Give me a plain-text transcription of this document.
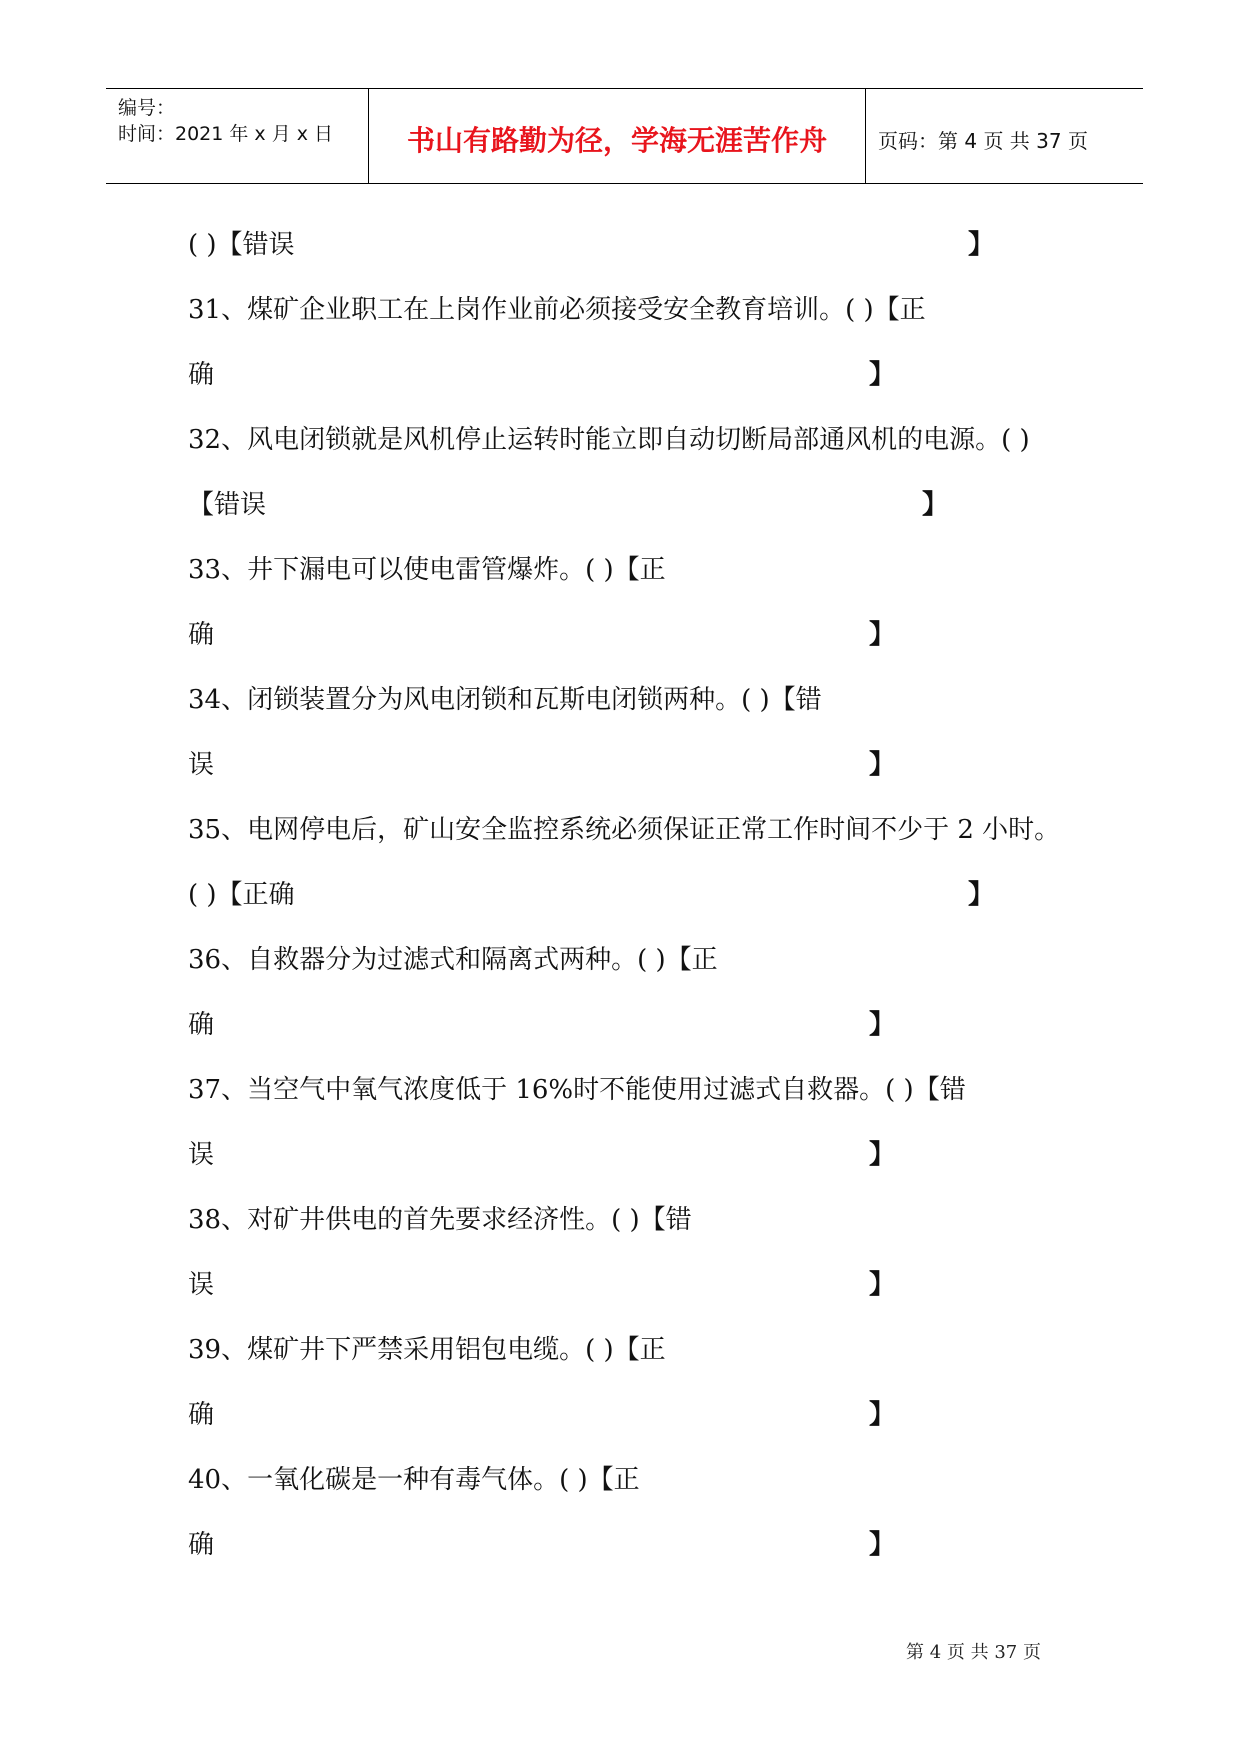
编号：
时间：2021 年 x 月 x 日	书山有路勤为径，学海无涯苦作舟	页码：第 4 页 共 37 页
( )【错误	】
31、煤矿企业职工在上岗作业前必须接受安全教育培训。( )【正
确	】
32、风电闭锁就是风机停止运转时能立即自动切断局部通风机的电源。( )
【错误	】
33、井下漏电可以使电雷管爆炸。( )【正
确	】
34、闭锁装置分为风电闭锁和瓦斯电闭锁两种。( )【错
误	】
35、电网停电后，矿山安全监控系统必须保证正常工作时间不少于 2 小时。
( )【正确	】
36、自救器分为过滤式和隔离式两种。( )【正
确	】
37、当空气中氧气浓度低于 16%时不能使用过滤式自救器。( )【错
误	】
38、对矿井供电的首先要求经济性。( )【错
误	】
39、煤矿井下严禁采用铝包电缆。( )【正
确	】
40、一氧化碳是一种有毒气体。( )【正
确	】
第 4 页 共 37 页
